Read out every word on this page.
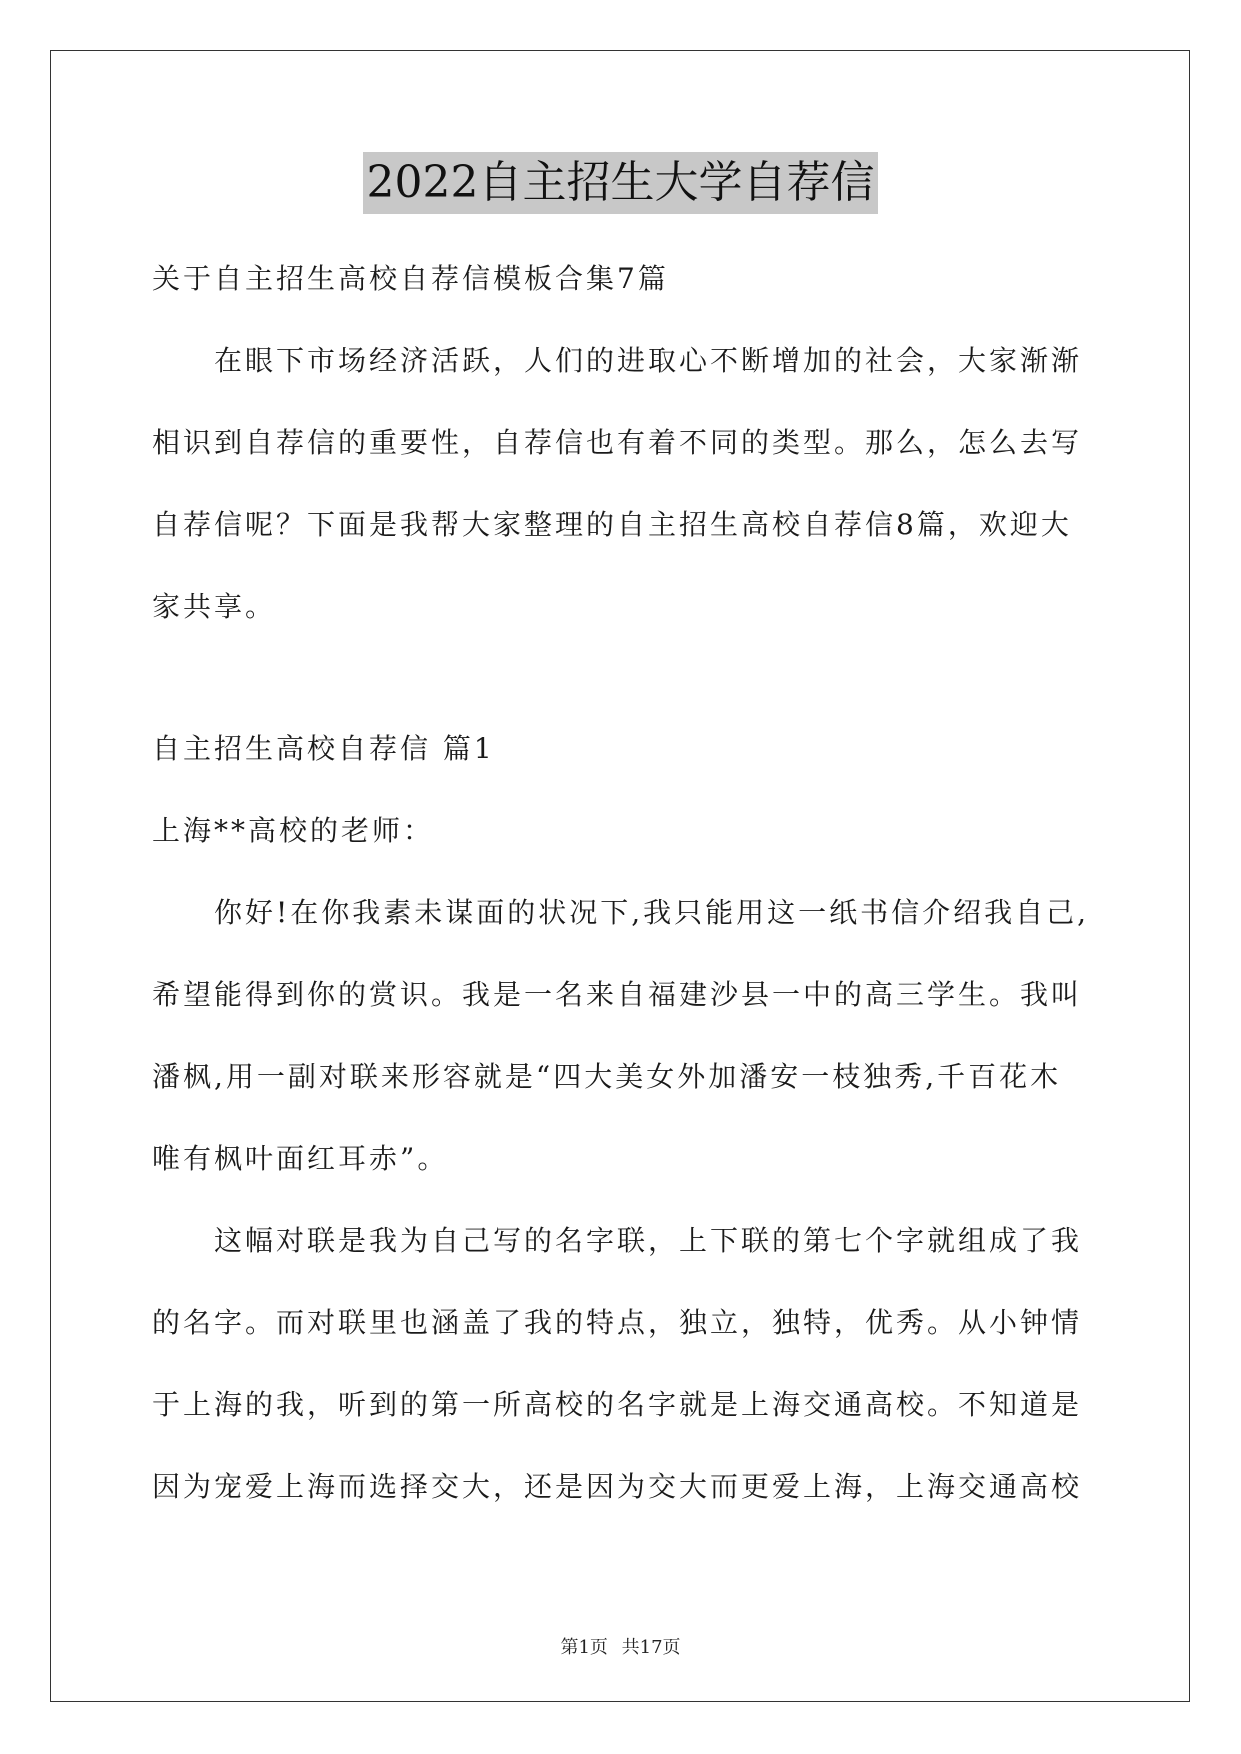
2022自主招生大学自荐信

关于自主招生高校自荐信模板合集7篇

在眼下市场经济活跃，人们的进取心不断增加的社会，大家渐渐

相识到自荐信的重要性，自荐信也有着不同的类型。那么，怎么去写

自荐信呢？下面是我帮大家整理的自主招生高校自荐信8篇，欢迎大

家共享。

自主招生高校自荐信 篇1

上海**高校的老师：

你好!在你我素未谋面的状况下,我只能用这一纸书信介绍我自己,

希望能得到你的赏识。我是一名来自福建沙县一中的高三学生。我叫

潘枫,用一副对联来形容就是“四大美女外加潘安一枝独秀,千百花木

唯有枫叶面红耳赤”。

这幅对联是我为自己写的名字联，上下联的第七个字就组成了我

的名字。而对联里也涵盖了我的特点，独立，独特，优秀。从小钟情

于上海的我，听到的第一所高校的名字就是上海交通高校。不知道是

因为宠爱上海而选择交大，还是因为交大而更爱上海，上海交通高校

第1页 共17页
